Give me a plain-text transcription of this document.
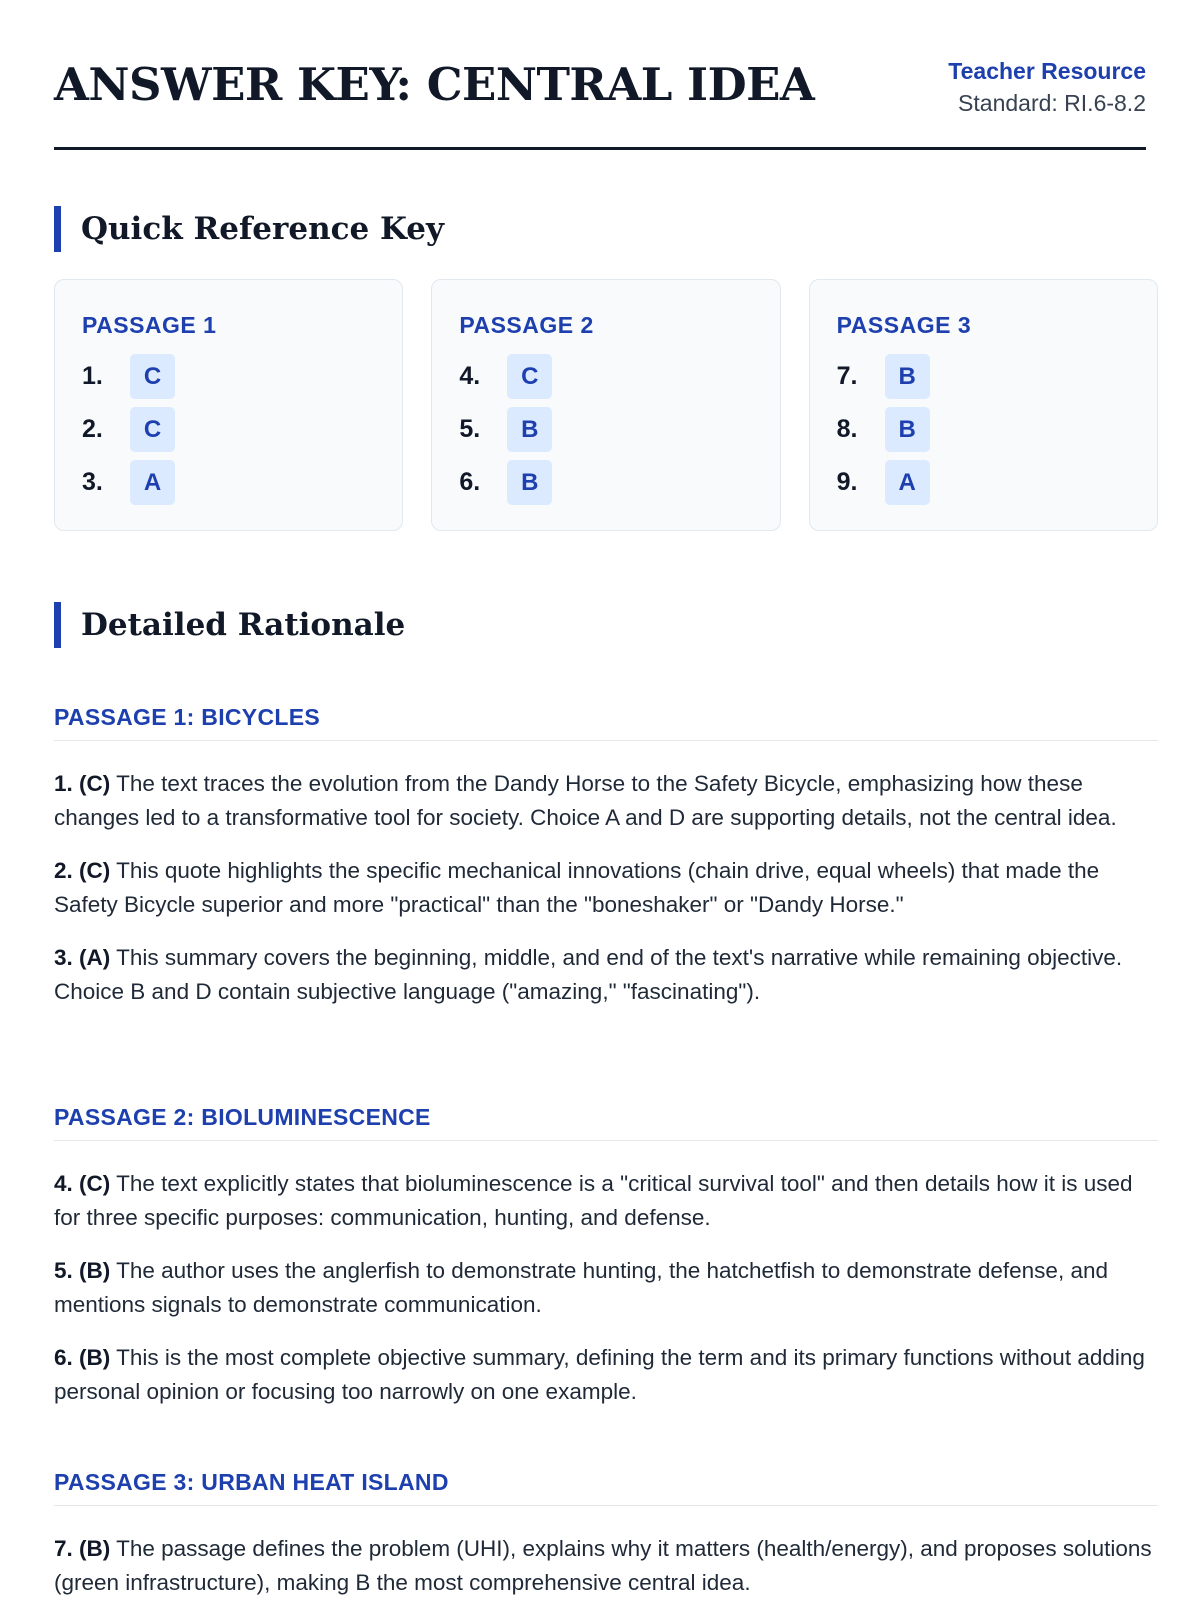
ANSWER KEY: CENTRAL IDEA	Teacher Resource
Standard: RI.6-8.2
Quick Reference Key
PASSAGE 1
1.	C
2.	C
3.	A
PASSAGE 2
4.	C
5.	B
6.	B
PASSAGE 3
7.	B
8.	B
9.	A
Detailed Rationale
PASSAGE 1: BICYCLES

1. (C) The text traces the evolution from the Dandy Horse to the Safety Bicycle, emphasizing how these changes led to a transformative tool for society. Choice A and D are supporting details, not the central idea.

2. (C) This quote highlights the specific mechanical innovations (chain drive, equal wheels) that made the Safety Bicycle superior and more "practical" than the "boneshaker" or "Dandy Horse."

3. (A) This summary covers the beginning, middle, and end of the text's narrative while remaining objective. Choice B and D contain subjective language ("amazing," "fascinating").

PASSAGE 2: BIOLUMINESCENCE

4. (C) The text explicitly states that bioluminescence is a "critical survival tool" and then details how it is used for three specific purposes: communication, hunting, and defense.

5. (B) The author uses the anglerfish to demonstrate hunting, the hatchetfish to demonstrate defense, and mentions signals to demonstrate communication.

6. (B) This is the most complete objective summary, defining the term and its primary functions without adding personal opinion or focusing too narrowly on one example.

PASSAGE 3: URBAN HEAT ISLAND

7. (B) The passage defines the problem (UHI), explains why it matters (health/energy), and proposes solutions (green infrastructure), making B the most comprehensive central idea.
